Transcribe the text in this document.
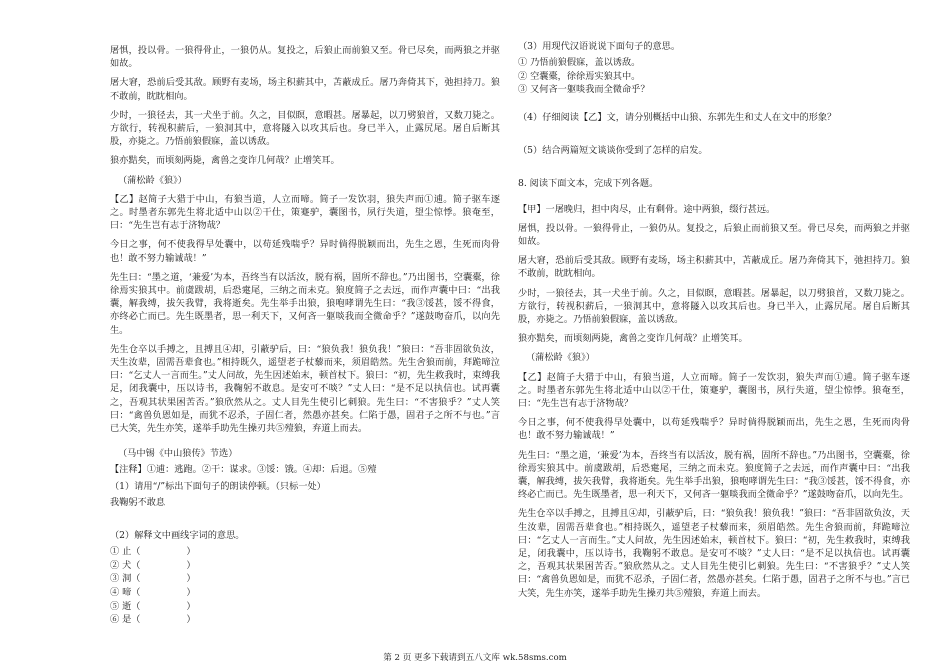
屠惧，投以骨。一狼得骨止，一狼仍从。复投之，后狼止而前狼又至。骨已尽矣，而两狼之并驱如故。

屠大窘，恐前后受其敌。顾野有麦场，场主积薪其中，苫蔽成丘。屠乃奔倚其下，弛担持刀。狼不敢前，眈眈相向。

少时，一狼径去，其一犬坐于前。久之，目似瞑，意暇甚。屠暴起，以刀劈狼首，又数刀毙之。方欲行，转视积薪后，一狼洞其中，意将隧入以攻其后也。身已半入，止露尻尾。屠自后断其股，亦毙之。乃悟前狼假寐，盖以诱敌。

狼亦黠矣，而顷刻两毙，禽兽之变诈几何哉？止增笑耳。

（蒲松龄《狼》）

【乙】赵简子大猎于中山，有狼当道，人立而啼。简子一发饮羽，狼失声而①逋。简子驱车逐之。时墨者东郭先生将北适中山以②干仕，策蹇驴，囊图书，夙行失道，望尘惊悸。狼奄至，曰：“先生岂有志于济物哉？

今日之事，何不使我得早处囊中，以苟延残喘乎？异时倘得脱颖而出，先生之恩，生死而肉骨也！敢不努力输诚哉！”

先生曰：“墨之道，‘兼爱’为本，吾终当有以活汝，脱有祸，固所不辞也。”乃出图书，空囊橐，徐徐焉实狼其中。前虞跋胡，后恐疐尾，三纳之而未克。狼度简子之去远，而作声囊中曰：“出我囊，解我缚，拔矢我臂，我将逝矣。先生举手出狼，狼咆哮谓先生曰：“我③馁甚，馁不得食，亦终必亡而已。先生既墨者，思一利天下，又何吝一躯啖我而全微命乎？”遂鼓吻奋爪，以向先生。

先生仓卒以手搏之，且搏且④却，引蔽驴后，曰：“狼负我！狼负我！”狼曰：“吾非固欲负汝，天生汝辈，固需吾辈食也。”相持既久，遥望老子杖藜而来，须眉皓然。先生舍狼而前，拜跪啼泣曰：“乞丈人一言而生。”丈人问故，先生因述始末，顿首杖下。狼曰：“初，先生救我时，束缚我足，闭我囊中，压以诗书，我鞠躬不敢息。是安可不啖？”丈人曰：“是不足以执信也。试再囊之，吾观其状果困苦否。”狼欣然从之。丈人目先生使引匕刺狼。先生曰：“不害狼乎？”丈人笑曰：“禽兽负恩如是，而犹不忍杀，子固仁者，然愚亦甚矣。仁陷于愚，固君子之所不与也。”言已大笑，先生亦笑，遂举手助先生操刃共⑤殪狼，弃道上而去。

（马中锡《中山狼传》节选）

【注释】①逋：逃跑。②干：谋求。③馁：饿。④却：后退。⑤殪

（1）请用“/”标出下面句子的朗读停顿。（只标一处）

我鞠躬不敢息

（2）解释文中画线字词的意思。

① 止（　　　　　）
② 犬（　　　　　）
③ 洞（　　　　　）
④ 啼（　　　　　）
⑤ 逝（　　　　　）
⑥ 是（　　　　　）

（3）用现代汉语说说下面句子的意思。

① 乃悟前狼假寐，盖以诱敌。
② 空囊橐，徐徐焉实狼其中。
③ 又何吝一躯啖我而全微命乎？

（4）仔细阅读【乙】文，请分别概括中山狼、东郭先生和丈人在文中的形象？

（5）结合两篇短文谈谈你受到了怎样的启发。

8. 阅读下面文本，完成下列各题。

【甲】一屠晚归，担中肉尽，止有剩骨。途中两狼，缀行甚远。

屠惧，投以骨。一狼得骨止，一狼仍从。复投之，后狼止而前狼又至。骨已尽矣，而两狼之并驱如故。

屠大窘，恐前后受其敌。顾野有麦场，场主积薪其中，苫蔽成丘。屠乃奔倚其下，弛担持刀。狼不敢前，眈眈相向。

少时，一狼径去，其一犬坐于前。久之，目似瞑，意暇甚。屠暴起，以刀劈狼首，又数刀毙之。方欲行，转视积薪后，一狼洞其中，意将隧入以攻其后也。身已半入，止露尻尾。屠自后断其股，亦毙之。乃悟前狼假寐，盖以诱敌。

狼亦黠矣，而顷刻两毙，禽兽之变诈几何哉？止增笑耳。

（蒲松龄《狼》）

【乙】赵简子大猎于中山，有狼当道，人立而啼。简子一发饮羽，狼失声而①逋。简子驱车逐之。时墨者东郭先生将北适中山以②干仕，策蹇驴，囊图书，夙行失道，望尘惊悸。狼奄至，曰：“先生岂有志于济物哉？

今日之事，何不使我得早处囊中，以苟延残喘乎？异时倘得脱颖而出，先生之恩，生死而肉骨也！敢不努力输诚哉！”

先生曰：“墨之道，‘兼爱’为本，吾终当有以活汝，脱有祸，固所不辞也。”乃出图书，空囊橐，徐徐焉实狼其中。前虞跋胡，后恐疐尾，三纳之而未克。狼度简子之去远，而作声囊中曰：“出我囊，解我缚，拔矢我臂，我将逝矣。先生举手出狼，狼咆哮谓先生曰：“我③馁甚，馁不得食，亦终必亡而已。先生既墨者，思一利天下，又何吝一躯啖我而全微命乎？”遂鼓吻奋爪，以向先生。

先生仓卒以手搏之，且搏且④却，引蔽驴后，曰：“狼负我！狼负我！”狼曰：“吾非固欲负汝，天生汝辈，固需吾辈食也。”相持既久，遥望老子杖藜而来，须眉皓然。先生舍狼而前，拜跪啼泣曰：“乞丈人一言而生。”丈人问故，先生因述始末，顿首杖下。狼曰：“初，先生救我时，束缚我足，闭我囊中，压以诗书，我鞠躬不敢息。是安可不啖？”丈人曰：“是不足以执信也。试再囊之，吾观其状果困苦否。”狼欣然从之。丈人目先生使引匕刺狼。先生曰：“不害狼乎？”丈人笑曰：“禽兽负恩如是，而犹不忍杀，子固仁者，然愚亦甚矣。仁陷于愚，固君子之所不与也。”言已大笑，先生亦笑，遂举手助先生操刃共⑤殪狼，弃道上而去。

第 2 页 更多下载请到五八文库 wk.58sms.com
